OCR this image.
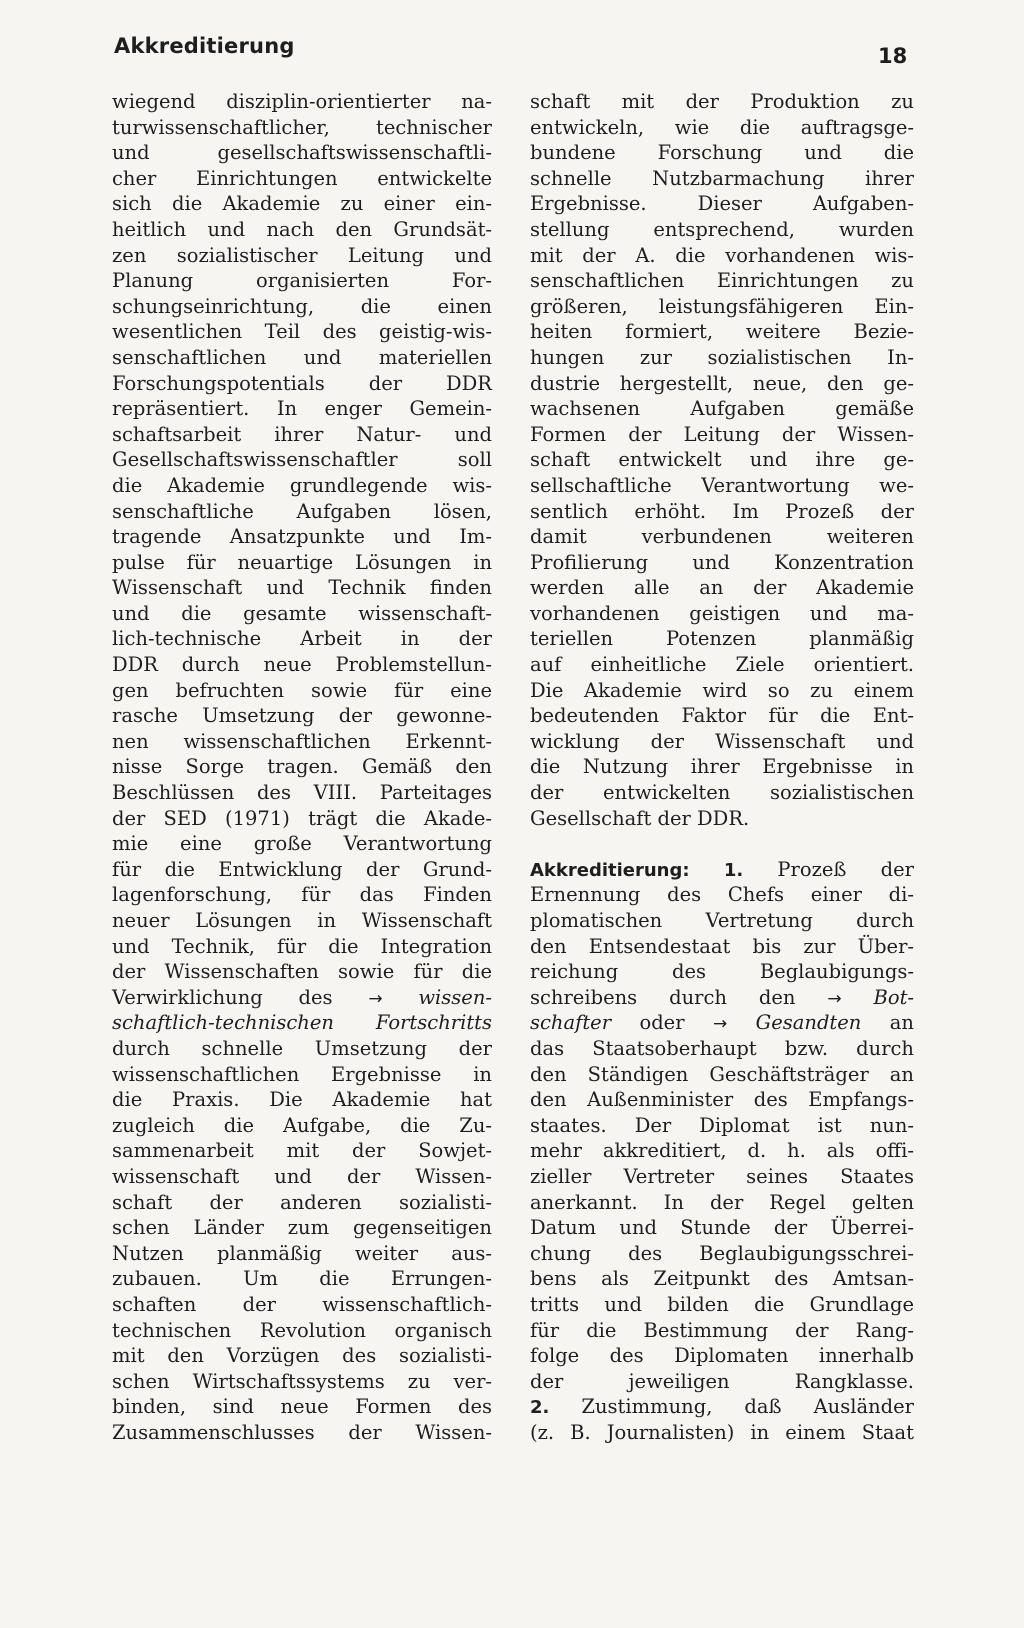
Akkreditierung	18
wiegend disziplin-orientierter na-
turwissenschaftlicher, technischer
und gesellschaftswissenschaftli-
cher Einrichtungen entwickelte
sich die Akademie zu einer ein-
heitlich und nach den Grundsät-
zen sozialistischer Leitung und
Planung organisierten For-
schungseinrichtung, die einen
wesentlichen Teil des geistig-wis-
senschaftlichen und materiellen
Forschungspotentials der DDR
repräsentiert. In enger Gemein-
schaftsarbeit ihrer Natur- und
Gesellschaftswissenschaftler soll
die Akademie grundlegende wis-
senschaftliche Aufgaben lösen,
tragende Ansatzpunkte und Im-
pulse für neuartige Lösungen in
Wissenschaft und Technik finden
und die gesamte wissenschaft-
lich-technische Arbeit in der
DDR durch neue Problemstellun-
gen befruchten sowie für eine
rasche Umsetzung der gewonne-
nen wissenschaftlichen Erkennt-
nisse Sorge tragen. Gemäß den
Beschlüssen des VIII. Parteitages
der SED (1971) trägt die Akade-
mie eine große Verantwortung
für die Entwicklung der Grund-
lagenforschung, für das Finden
neuer Lösungen in Wissenschaft
und Technik, für die Integration
der Wissenschaften sowie für die
Verwirklichung des → wissen-
schaftlich-technischen Fortschritts
durch schnelle Umsetzung der
wissenschaftlichen Ergebnisse in
die Praxis. Die Akademie hat
zugleich die Aufgabe, die Zu-
sammenarbeit mit der Sowjet-
wissenschaft und der Wissen-
schaft der anderen sozialisti-
schen Länder zum gegenseitigen
Nutzen planmäßig weiter aus-
zubauen. Um die Errungen-
schaften der wissenschaftlich-
technischen Revolution organisch
mit den Vorzügen des sozialisti-
schen Wirtschaftssystems zu ver-
binden, sind neue Formen des
Zusammenschlusses der Wissen-
schaft mit der Produktion zu
entwickeln, wie die auftragsge-
bundene Forschung und die
schnelle Nutzbarmachung ihrer
Ergebnisse. Dieser Aufgaben-
stellung entsprechend, wurden
mit der A. die vorhandenen wis-
senschaftlichen Einrichtungen zu
größeren, leistungsfähigeren Ein-
heiten formiert, weitere Bezie-
hungen zur sozialistischen In-
dustrie hergestellt, neue, den ge-
wachsenen Aufgaben gemäße
Formen der Leitung der Wissen-
schaft entwickelt und ihre ge-
sellschaftliche Verantwortung we-
sentlich erhöht. Im Prozeß der
damit verbundenen weiteren
Profilierung und Konzentration
werden alle an der Akademie
vorhandenen geistigen und ma-
teriellen Potenzen planmäßig
auf einheitliche Ziele orientiert.
Die Akademie wird so zu einem
bedeutenden Faktor für die Ent-
wicklung der Wissenschaft und
die Nutzung ihrer Ergebnisse in
der entwickelten sozialistischen
Gesellschaft der DDR.
Akkreditierung: 1. Prozeß der
Ernennung des Chefs einer di-
plomatischen Vertretung durch
den Entsendestaat bis zur Über-
reichung des Beglaubigungs-
schreibens durch den → Bot-
schafter oder → Gesandten an
das Staatsoberhaupt bzw. durch
den Ständigen Geschäftsträger an
den Außenminister des Empfangs-
staates. Der Diplomat ist nun-
mehr akkreditiert, d. h. als offi-
zieller Vertreter seines Staates
anerkannt. In der Regel gelten
Datum und Stunde der Überrei-
chung des Beglaubigungsschrei-
bens als Zeitpunkt des Amtsan-
tritts und bilden die Grundlage
für die Bestimmung der Rang-
folge des Diplomaten innerhalb
der jeweiligen Rangklasse.
2. Zustimmung, daß Ausländer
(z. B. Journalisten) in einem Staat
